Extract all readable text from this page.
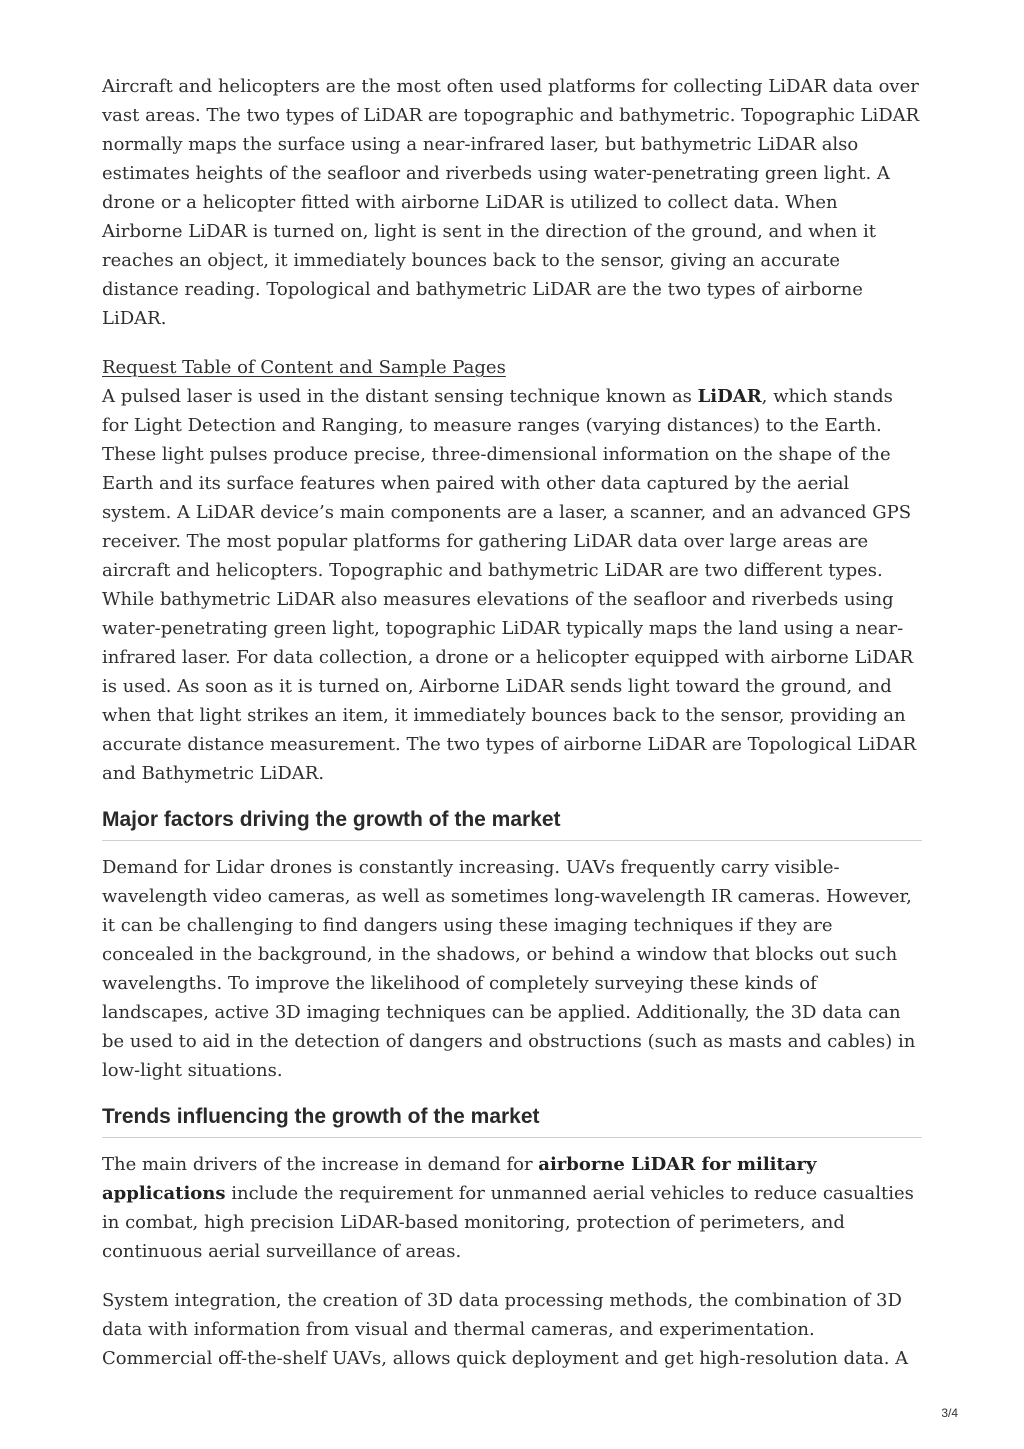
Aircraft and helicopters are the most often used platforms for collecting LiDAR data over vast areas. The two types of LiDAR are topographic and bathymetric. Topographic LiDAR normally maps the surface using a near-infrared laser, but bathymetric LiDAR also estimates heights of the seafloor and riverbeds using water-penetrating green light. A drone or a helicopter fitted with airborne LiDAR is utilized to collect data. When Airborne LiDAR is turned on, light is sent in the direction of the ground, and when it reaches an object, it immediately bounces back to the sensor, giving an accurate distance reading. Topological and bathymetric LiDAR are the two types of airborne LiDAR.

Request Table of Content and Sample Pages

A pulsed laser is used in the distant sensing technique known as LiDAR, which stands for Light Detection and Ranging, to measure ranges (varying distances) to the Earth. These light pulses produce precise, three-dimensional information on the shape of the Earth and its surface features when paired with other data captured by the aerial system. A LiDAR device’s main components are a laser, a scanner, and an advanced GPS receiver. The most popular platforms for gathering LiDAR data over large areas are aircraft and helicopters. Topographic and bathymetric LiDAR are two different types. While bathymetric LiDAR also measures elevations of the seafloor and riverbeds using water-penetrating green light, topographic LiDAR typically maps the land using a near-infrared laser. For data collection, a drone or a helicopter equipped with airborne LiDAR is used. As soon as it is turned on, Airborne LiDAR sends light toward the ground, and when that light strikes an item, it immediately bounces back to the sensor, providing an accurate distance measurement. The two types of airborne LiDAR are Topological LiDAR and Bathymetric LiDAR.

Major factors driving the growth of the market

Demand for Lidar drones is constantly increasing. UAVs frequently carry visible-wavelength video cameras, as well as sometimes long-wavelength IR cameras. However, it can be challenging to find dangers using these imaging techniques if they are concealed in the background, in the shadows, or behind a window that blocks out such wavelengths. To improve the likelihood of completely surveying these kinds of landscapes, active 3D imaging techniques can be applied. Additionally, the 3D data can be used to aid in the detection of dangers and obstructions (such as masts and cables) in low-light situations.

Trends influencing the growth of the market

The main drivers of the increase in demand for airborne LiDAR for military applications include the requirement for unmanned aerial vehicles to reduce casualties in combat, high precision LiDAR-based monitoring, protection of perimeters, and continuous aerial surveillance of areas.

System integration, the creation of 3D data processing methods, the combination of 3D data with information from visual and thermal cameras, and experimentation. Commercial off-the-shelf UAVs, allows quick deployment and get high-resolution data. A

3/4
